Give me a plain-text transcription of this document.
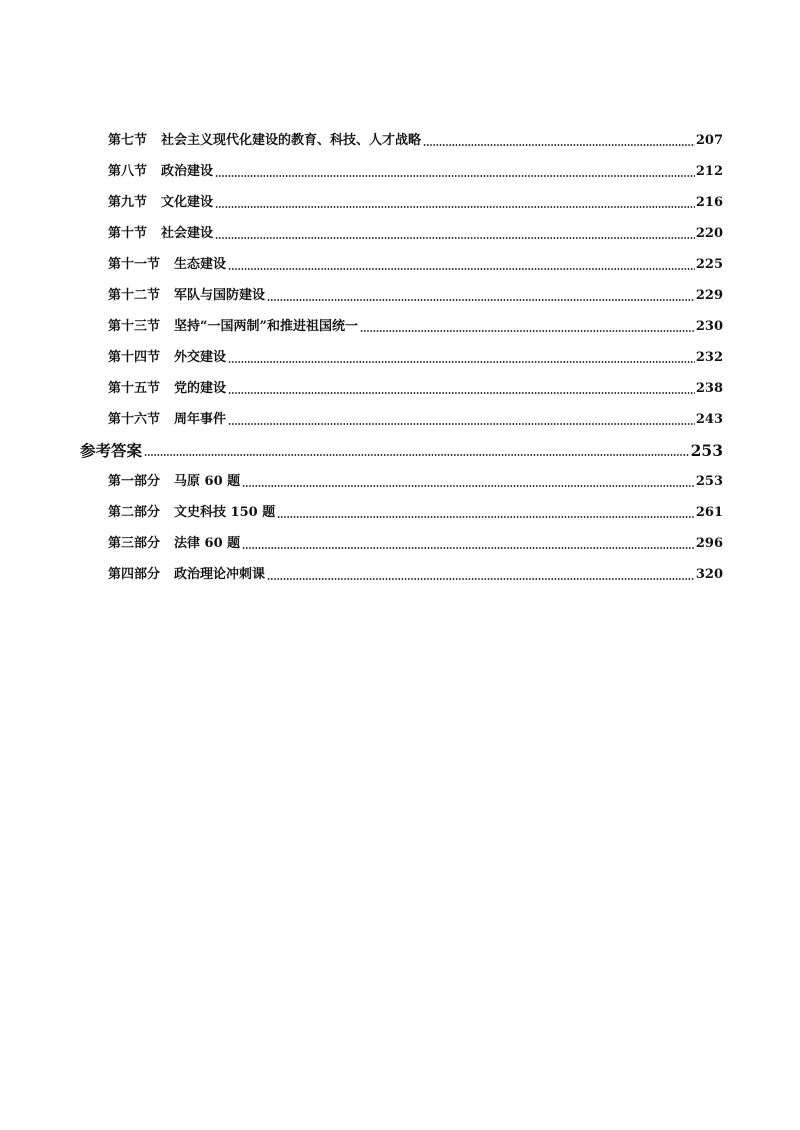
第七节 社会主义现代化建设的教育、科技、人才战略	207
第八节 政治建设	212
第九节 文化建设	216
第十节 社会建设	220
第十一节 生态建设	225
第十二节 军队与国防建设	229
第十三节 坚持“一国两制”和推进祖国统一	230
第十四节 外交建设	232
第十五节 党的建设	238
第十六节 周年事件	243
参考答案	253
第一部分 马原 60 题	253
第二部分 文史科技 150 题	261
第三部分 法律 60 题	296
第四部分 政治理论冲刺课	320
